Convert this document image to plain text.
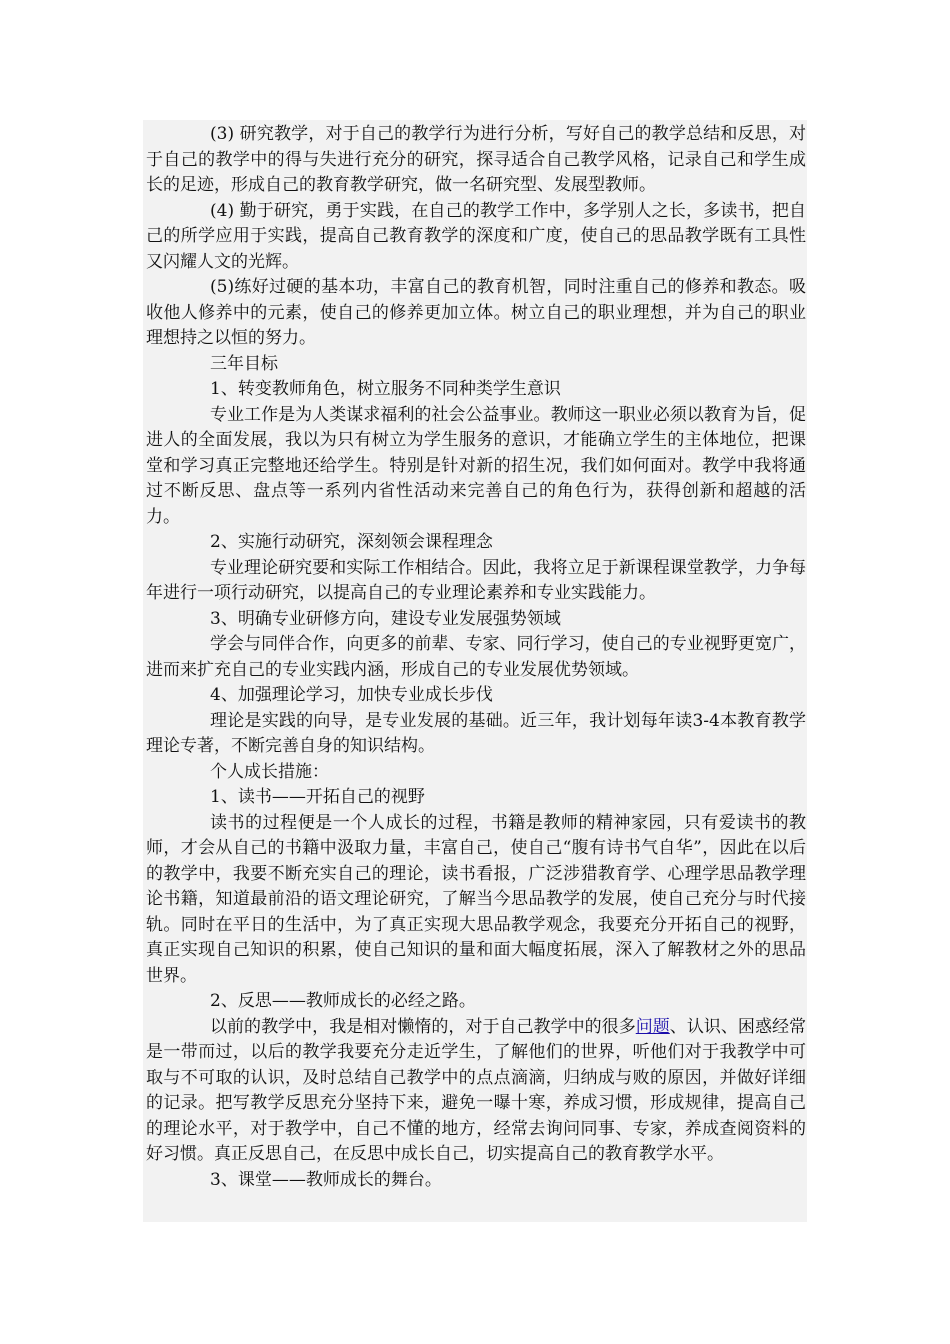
(3) 研究教学，对于自己的教学行为进行分析，写好自己的教学总结和反思，对于自己的教学中的得与失进行充分的研究，探寻适合自己教学风格，记录自己和学生成长的足迹，形成自己的教育教学研究，做一名研究型、发展型教师。

(4) 勤于研究，勇于实践，在自己的教学工作中，多学别人之长，多读书，把自己的所学应用于实践，提高自己教育教学的深度和广度，使自己的思品教学既有工具性又闪耀人文的光辉。

(5)练好过硬的基本功，丰富自己的教育机智，同时注重自己的修养和教态。吸收他人修养中的元素，使自己的修养更加立体。树立自己的职业理想，并为自己的职业理想持之以恒的努力。

三年目标

1、转变教师角色，树立服务不同种类学生意识

专业工作是为人类谋求福利的社会公益事业。教师这一职业必须以教育为旨，促进人的全面发展，我以为只有树立为学生服务的意识，才能确立学生的主体地位，把课堂和学习真正完整地还给学生。特别是针对新的招生况，我们如何面对。教学中我将通过不断反思、盘点等一系列内省性活动来完善自己的角色行为，获得创新和超越的活力。

2、实施行动研究，深刻领会课程理念

专业理论研究要和实际工作相结合。因此，我将立足于新课程课堂教学，力争每年进行一项行动研究，以提高自己的专业理论素养和专业实践能力。

3、明确专业研修方向，建设专业发展强势领域

学会与同伴合作，向更多的前辈、专家、同行学习，使自己的专业视野更宽广，进而来扩充自己的专业实践内涵，形成自己的专业发展优势领域。

4、加强理论学习，加快专业成长步伐

理论是实践的向导，是专业发展的基础。近三年，我计划每年读3-4本教育教学理论专著，不断完善自身的知识结构。

个人成长措施：

1、读书——开拓自己的视野

读书的过程便是一个人成长的过程，书籍是教师的精神家园，只有爱读书的教师，才会从自己的书籍中汲取力量，丰富自己，使自己“腹有诗书气自华”，因此在以后的教学中，我要不断充实自己的理论，读书看报，广泛涉猎教育学、心理学思品教学理论书籍，知道最前沿的语文理论研究，了解当今思品教学的发展，使自己充分与时代接轨。同时在平日的生活中，为了真正实现大思品教学观念，我要充分开拓自己的视野，真正实现自己知识的积累，使自己知识的量和面大幅度拓展，深入了解教材之外的思品世界。

2、反思——教师成长的必经之路。

以前的教学中，我是相对懒惰的，对于自己教学中的很多问题、认识、困惑经常是一带而过，以后的教学我要充分走近学生，了解他们的世界，听他们对于我教学中可取与不可取的认识，及时总结自己教学中的点点滴滴，归纳成与败的原因，并做好详细的记录。把写教学反思充分坚持下来，避免一曝十寒，养成习惯，形成规律，提高自己的理论水平，对于教学中，自己不懂的地方，经常去询问同事、专家，养成查阅资料的好习惯。真正反思自己，在反思中成长自己，切实提高自己的教育教学水平。

3、课堂——教师成长的舞台。
